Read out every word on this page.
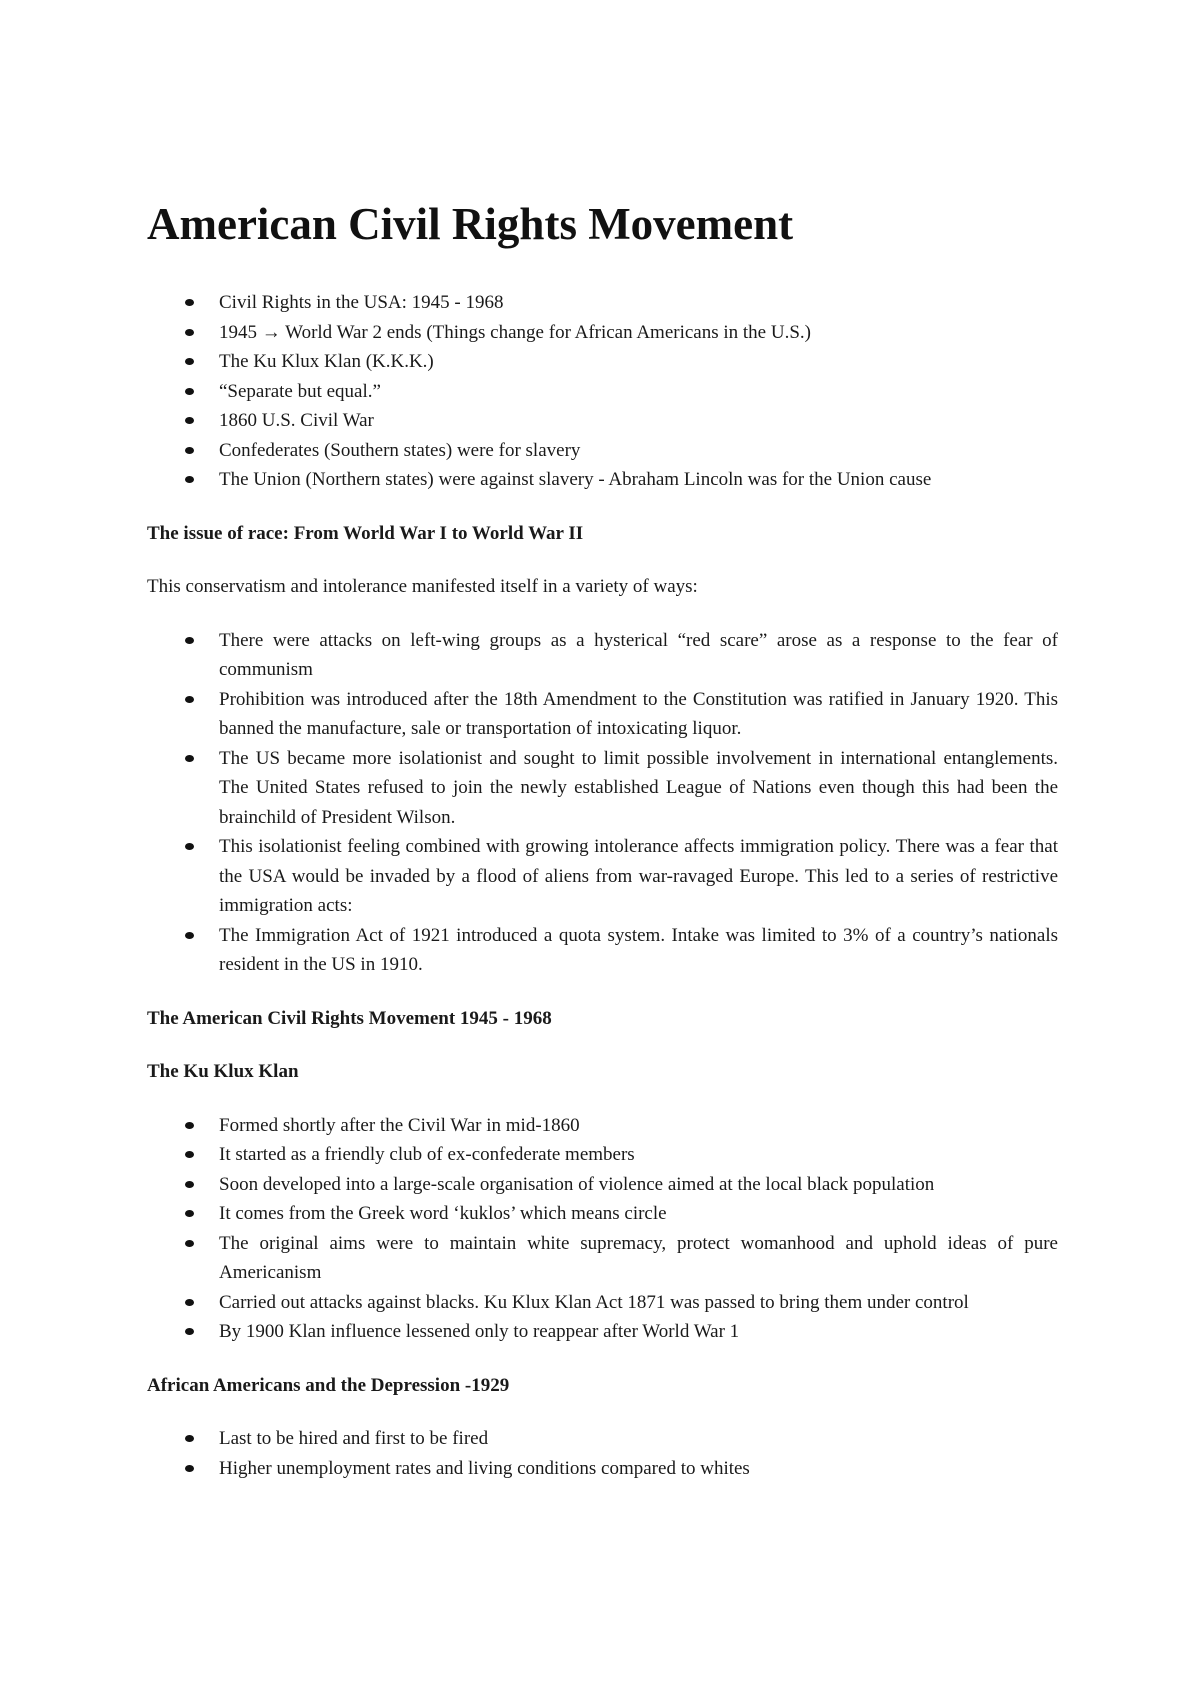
American Civil Rights Movement
Civil Rights in the USA: 1945 - 1968
1945 → World War 2 ends (Things change for African Americans in the U.S.)
The Ku Klux Klan (K.K.K.)
“Separate but equal.”
1860 U.S. Civil War
Confederates (Southern states) were for slavery
The Union (Northern states) were against slavery - Abraham Lincoln was for the Union cause

The issue of race: From World War I to World War II

This conservatism and intolerance manifested itself in a variety of ways:

There were attacks on left-wing groups as a hysterical “red scare” arose as a response to the fear of communism
Prohibition was introduced after the 18th Amendment to the Constitution was ratified in January 1920. This banned the manufacture, sale or transportation of intoxicating liquor.
The US became more isolationist and sought to limit possible involvement in international entanglements. The United States refused to join the newly established League of Nations even though this had been the brainchild of President Wilson.
This isolationist feeling combined with growing intolerance affects immigration policy. There was a fear that the USA would be invaded by a flood of aliens from war-ravaged Europe. This led to a series of restrictive immigration acts:
The Immigration Act of 1921 introduced a quota system. Intake was limited to 3% of a country’s nationals resident in the US in 1910.

The American Civil Rights Movement 1945 - 1968

The Ku Klux Klan

Formed shortly after the Civil War in mid-1860
It started as a friendly club of ex-confederate members
Soon developed into a large-scale organisation of violence aimed at the local black population
It comes from the Greek word ‘kuklos’ which means circle
The original aims were to maintain white supremacy, protect womanhood and uphold ideas of pure Americanism
Carried out attacks against blacks. Ku Klux Klan Act 1871 was passed to bring them under control
By 1900 Klan influence lessened only to reappear after World War 1

African Americans and the Depression -1929

Last to be hired and first to be fired
Higher unemployment rates and living conditions compared to whites
